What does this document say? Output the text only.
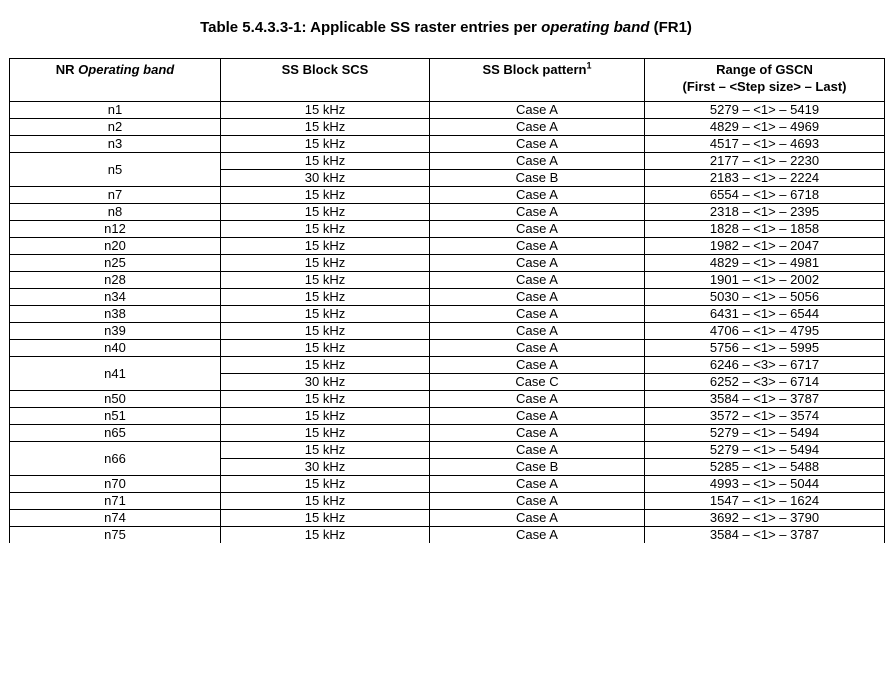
Table 5.4.3.3-1: Applicable SS raster entries per operating band (FR1)
NR Operating band	SS Block SCS	SS Block pattern$^1$	Range of GSCN
(First – <Step size> – Last)
n1	15 kHz	Case A	5279 – <1> – 5419
n2	15 kHz	Case A	4829 – <1> – 4969
n3	15 kHz	Case A	4517 – <1> – 4693
n5	15 kHz	Case A	2177 – <1> – 2230
	30 kHz	Case B	2183 – <1> – 2224
n7	15 kHz	Case A	6554 – <1> – 6718
n8	15 kHz	Case A	2318 – <1> – 2395
n12	15 kHz	Case A	1828 – <1> – 1858
n20	15 kHz	Case A	1982 – <1> – 2047
n25	15 kHz	Case A	4829 – <1> – 4981
n28	15 kHz	Case A	1901 – <1> – 2002
n34	15 kHz	Case A	5030 – <1> – 5056
n38	15 kHz	Case A	6431 – <1> – 6544
n39	15 kHz	Case A	4706 – <1> – 4795
n40	15 kHz	Case A	5756 – <1> – 5995
n41	15 kHz	Case A	6246 – <3> – 6717
	30 kHz	Case C	6252 – <3> – 6714
n50	15 kHz	Case A	3584 – <1> – 3787
n51	15 kHz	Case A	3572 – <1> – 3574
n65	15 kHz	Case A	5279 – <1> – 5494
n66	15 kHz	Case A	5279 – <1> – 5494
	30 kHz	Case B	5285 – <1> – 5488
n70	15 kHz	Case A	4993 – <1> – 5044
n71	15 kHz	Case A	1547 – <1> – 1624
n74	15 kHz	Case A	3692 – <1> – 3790
n75	15 kHz	Case A	3584 – <1> – 3787
